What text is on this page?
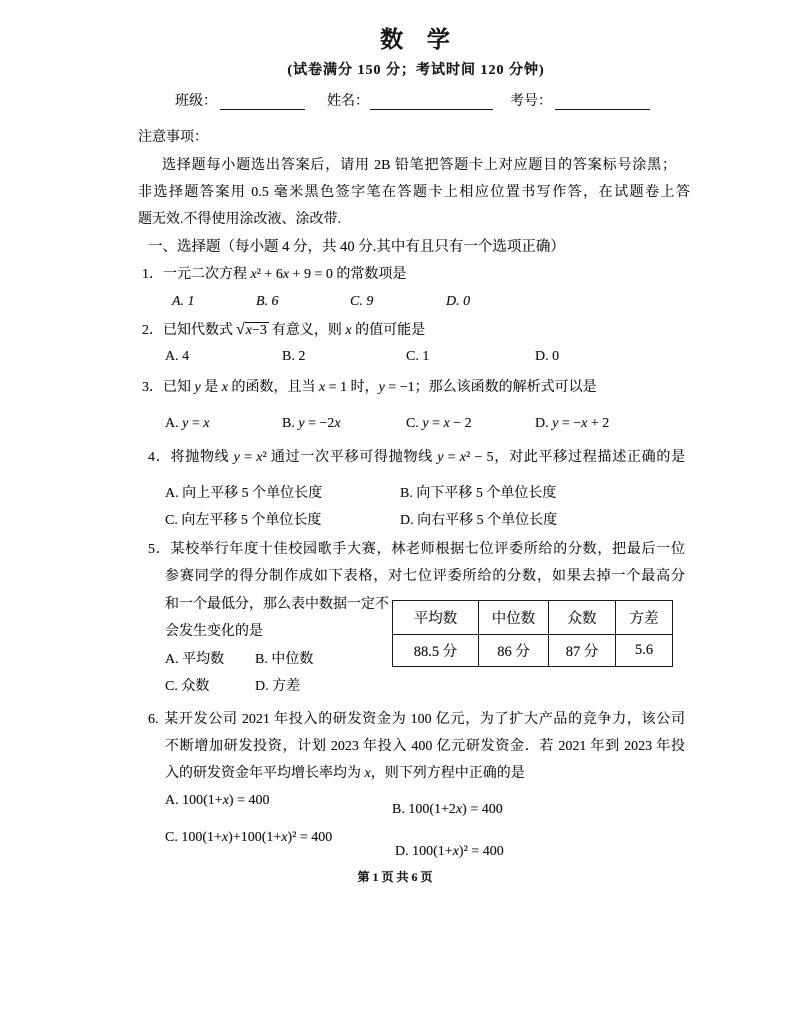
数 学
(试卷满分 150 分；考试时间 120 分钟)
班级：	姓名：	考号：
注意事项：
选择题每小题选出答案后，请用 2B 铅笔把答题卡上对应题目的答案标号涂黑；
非选择题答案用 0.5 毫米黑色签字笔在答题卡上相应位置书写作答，在试题卷上答
题无效.不得使用涂改液、涂改带.
一、选择题（每小题 4 分，共 40 分.其中有且只有一个选项正确）
1．一元二次方程 x² + 6x + 9 = 0 的常数项是
A. 1	B. 6	C. 9	D. 0
2．已知代数式 √x−3 有意义，则 x 的值可能是
A. 4	B. 2	C. 1	D. 0
3．已知 y 是 x 的函数，且当 x = 1 时，y = −1；那么该函数的解析式可以是
A. y = x	B. y = −2x	C. y = x − 2	D. y = −x + 2
4．将抛物线 y = x² 通过一次平移可得抛物线 y = x² − 5，对此平移过程描述正确的是
A. 向上平移 5 个单位长度	B. 向下平移 5 个单位长度
C. 向左平移 5 个单位长度	D. 向右平移 5 个单位长度
5．某校举行年度十佳校园歌手大赛，林老师根据七位评委所给的分数，把最后一位
参赛同学的得分制作成如下表格，对七位评委所给的分数，如果去掉一个最高分
和一个最低分，那么表中数据一定不
会发生变化的是
平均数	中位数	众数	方差
88.5 分	86 分	87 分	5.6
A. 平均数 B. 中位数
C. 众数	D. 方差
6. 某开发公司 2021 年投入的研发资金为 100 亿元，为了扩大产品的竞争力，该公司
不断增加研发投资，计划 2023 年投入 400 亿元研发资金．若 2021 年到 2023 年投
入的研发资金年平均增长率均为 x，则下列方程中正确的是
A. 100(1+x) = 400
B. 100(1+2x) = 400
C. 100(1+x)+100(1+x)² = 400
D. 100(1+x)² = 400
第 1 页 共 6 页
